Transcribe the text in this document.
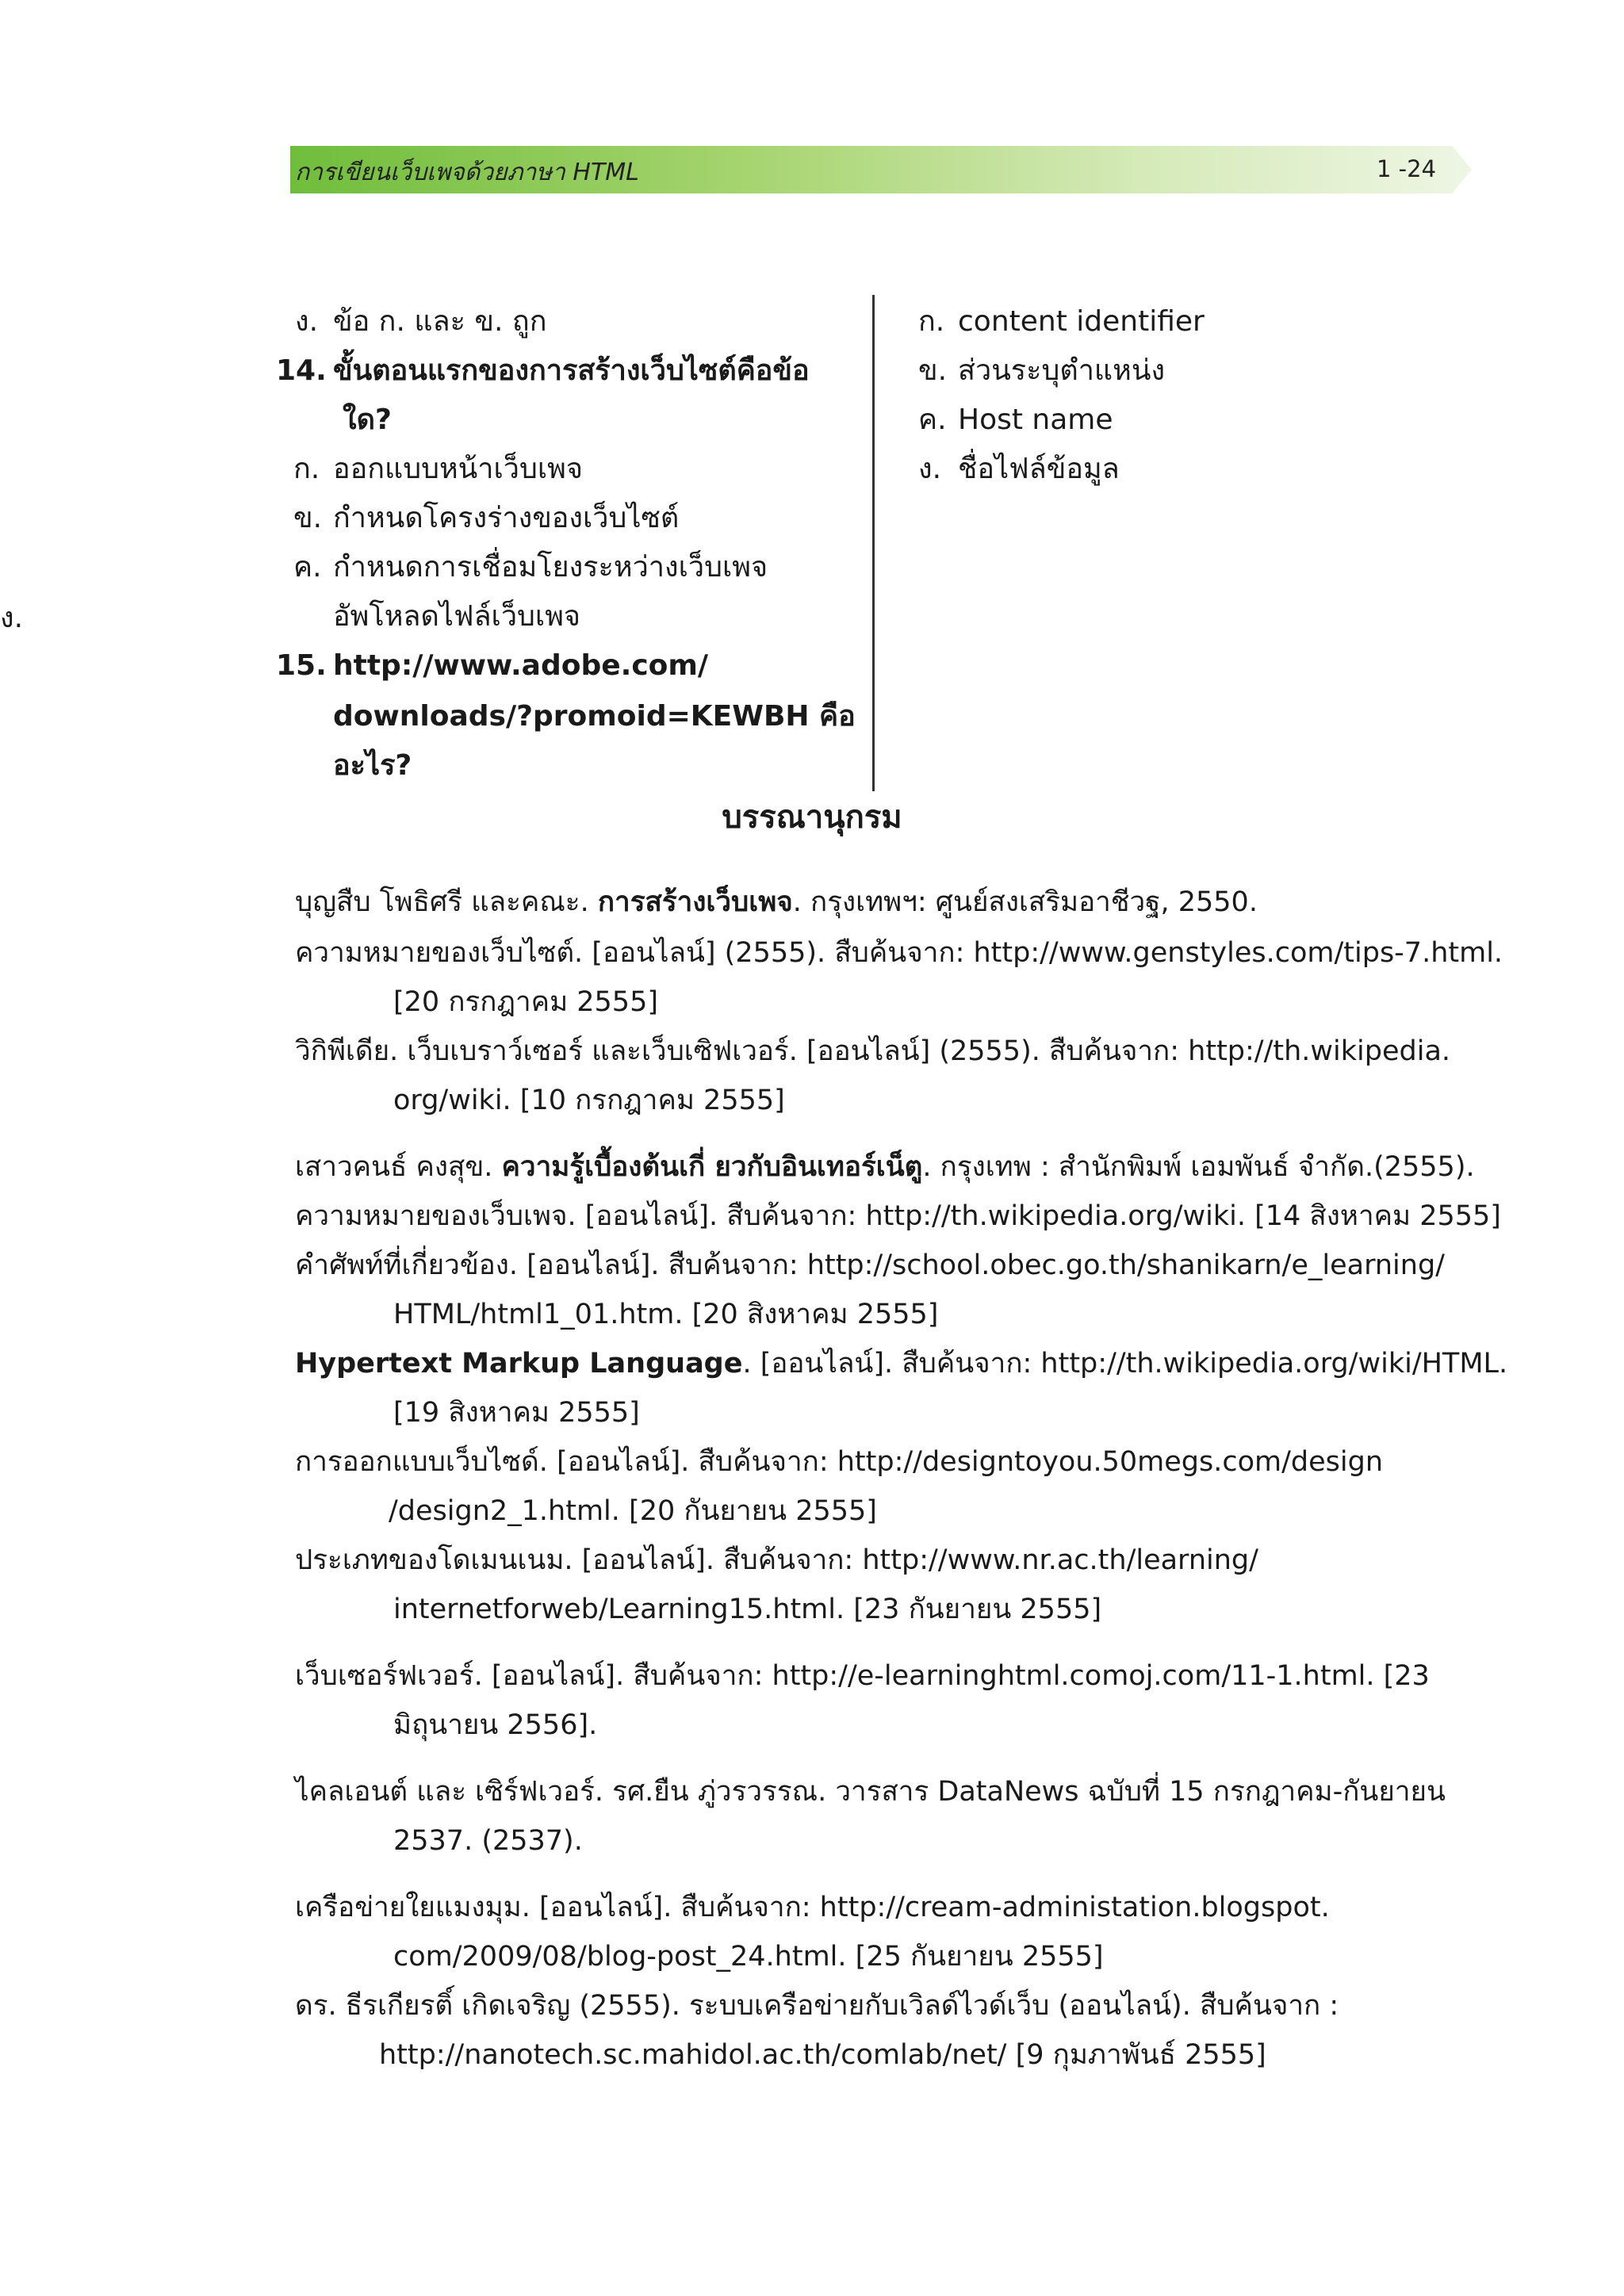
การเขียนเว็บเพจด้วยภาษา HTML	1 -24
ง.
ง. ข้อ ก. และ ข. ถูก
14. ขั้นตอนแรกของการสร้างเว็บไซต์คือข้อ
ใด?
ก. ออกแบบหน้าเว็บเพจ
ข. กำหนดโครงร่างของเว็บไซต์
ค. กำหนดการเชื่อมโยงระหว่างเว็บเพจ
อัพโหลดไฟล์เว็บเพจ
15. http://www.adobe.com/
downloads/?promoid=KEWBH คือ
อะไร?
ก. content identifier
ข. ส่วนระบุตำแหน่ง
ค. Host name
ง. ชื่อไฟล์ข้อมูล
บรรณานุกรม
บุญสืบ โพธิศรี และคณะ. การสร้างเว็บเพจ. กรุงเทพฯ: ศูนย์สงเสริมอาชีวฐ, 2550.
ความหมายของเว็บไซต์. [ออนไลน์] (2555). สืบค้นจาก: http://www.genstyles.com/tips-7.html.
[20 กรกฎาคม 2555]
วิกิพีเดีย. เว็บเบราว์เซอร์ และเว็บเซิฟเวอร์. [ออนไลน์] (2555). สืบค้นจาก: http://th.wikipedia.
org/wiki. [10 กรกฎาคม 2555]
เสาวคนธ์ คงสุข. ความรู้เบื้องต้นเกี่ ยวกับอินเทอร์เน็ตู. กรุงเทพ : สำนักพิมพ์ เอมพันธ์ จำกัด.(2555).
ความหมายของเว็บเพจ. [ออนไลน์]. สืบค้นจาก: http://th.wikipedia.org/wiki. [14 สิงหาคม 2555]
คำศัพท์ที่เกี่ยวข้อง. [ออนไลน์]. สืบค้นจาก: http://school.obec.go.th/shanikarn/e_learning/
HTML/html1_01.htm. [20 สิงหาคม 2555]
Hypertext Markup Language. [ออนไลน์]. สืบค้นจาก: http://th.wikipedia.org/wiki/HTML.
[19 สิงหาคม 2555]
การออกแบบเว็บไซด์. [ออนไลน์]. สืบค้นจาก: http://designtoyou.50megs.com/design
/design2_1.html. [20 กันยายน 2555]
ประเภทของโดเมนเนม. [ออนไลน์]. สืบค้นจาก: http://www.nr.ac.th/learning/
internetforweb/Learning15.html. [23 กันยายน 2555]
เว็บเซอร์ฟเวอร์. [ออนไลน์]. สืบค้นจาก: http://e-learninghtml.comoj.com/11-1.html. [23
มิถุนายน 2556].
ไคลเอนต์ และ เซิร์ฟเวอร์. รศ.ยืน ภู่วรวรรณ. วารสาร DataNews ฉบับที่ 15 กรกฎาคม-กันยายน
2537. (2537).
เครือข่ายใยแมงมุม. [ออนไลน์]. สืบค้นจาก: http://cream-administation.blogspot.
com/2009/08/blog-post_24.html. [25 กันยายน 2555]
ดร. ธีรเกียรติ์ เกิดเจริญ (2555). ระบบเครือข่ายกับเวิลด์ไวด์เว็บ (ออนไลน์). สืบค้นจาก :
http://nanotech.sc.mahidol.ac.th/comlab/net/ [9 กุมภาพันธ์ 2555]
